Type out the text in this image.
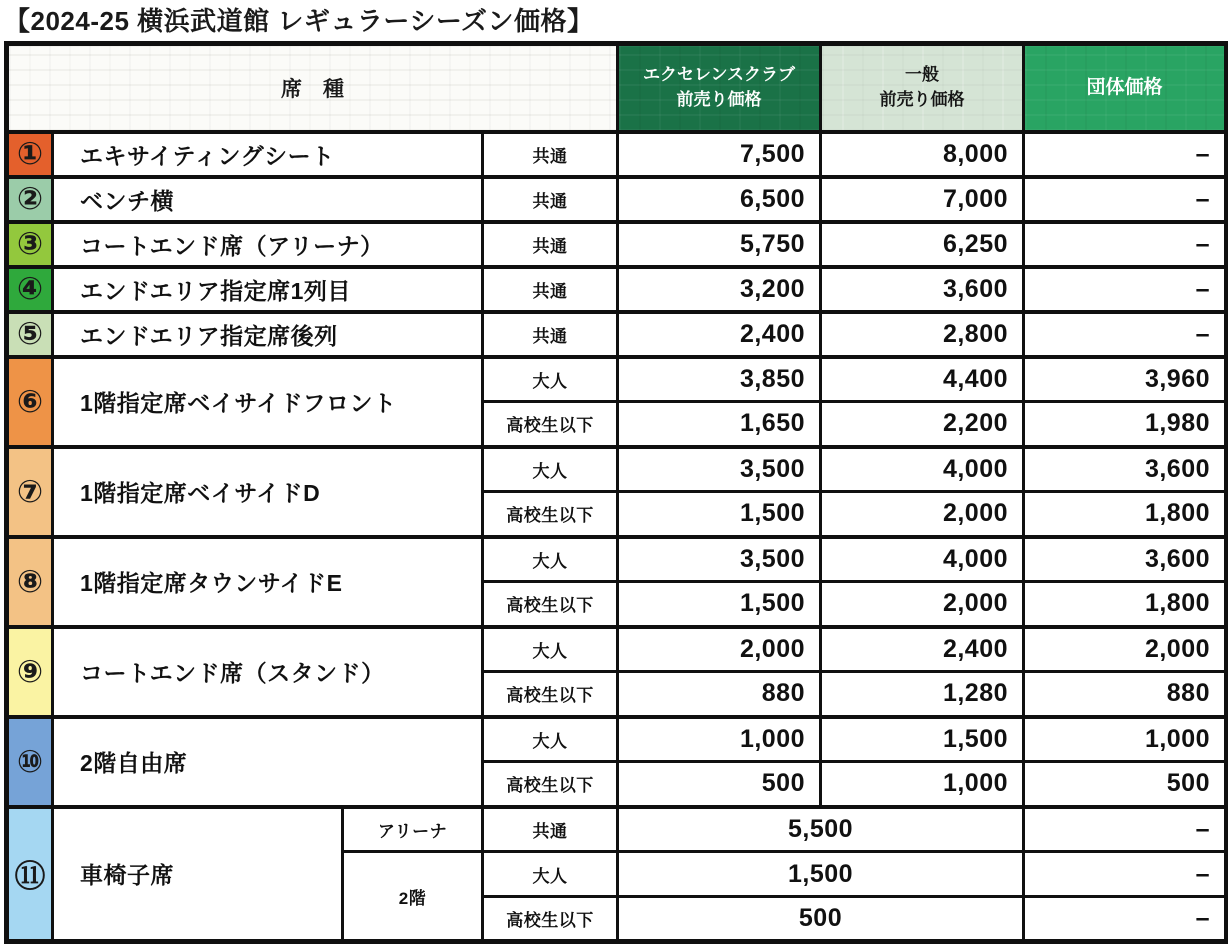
【2024-25 横浜武道館 レギュラーシーズン価格】
席　種	
エクセレンスクラブ
前売り価格

一般
前売り価格

団体価格

①	エキサイティングシート		共通	7,500	8,000	–
②	ベンチ横		共通	6,500	7,000	–
③	コートエンド席（アリーナ）		共通	5,750	6,250	–
④	エンドエリア指定席1列目		共通	3,200	3,600	–
⑤	エンドエリア指定席後列		共通	2,400	2,800	–
⑥	1階指定席ベイサイドフロント		大人	3,850	4,400	3,960
			高校生以下	1,650	2,200	1,980
⑦	1階指定席ベイサイドD		大人	3,500	4,000	3,600
			高校生以下	1,500	2,000	1,800
⑧	1階指定席タウンサイドE		大人	3,500	4,000	3,600
			高校生以下	1,500	2,000	1,800
⑨	コートエンド席（スタンド）		大人	2,000	2,400	2,000
			高校生以下	880	1,280	880
⑩	2階自由席		大人	1,000	1,500	1,000
			高校生以下	500	1,000	500
⑪	車椅子席	アリーナ	共通	5,500		–
		2階	大人	1,500		–
			高校生以下	500		–
